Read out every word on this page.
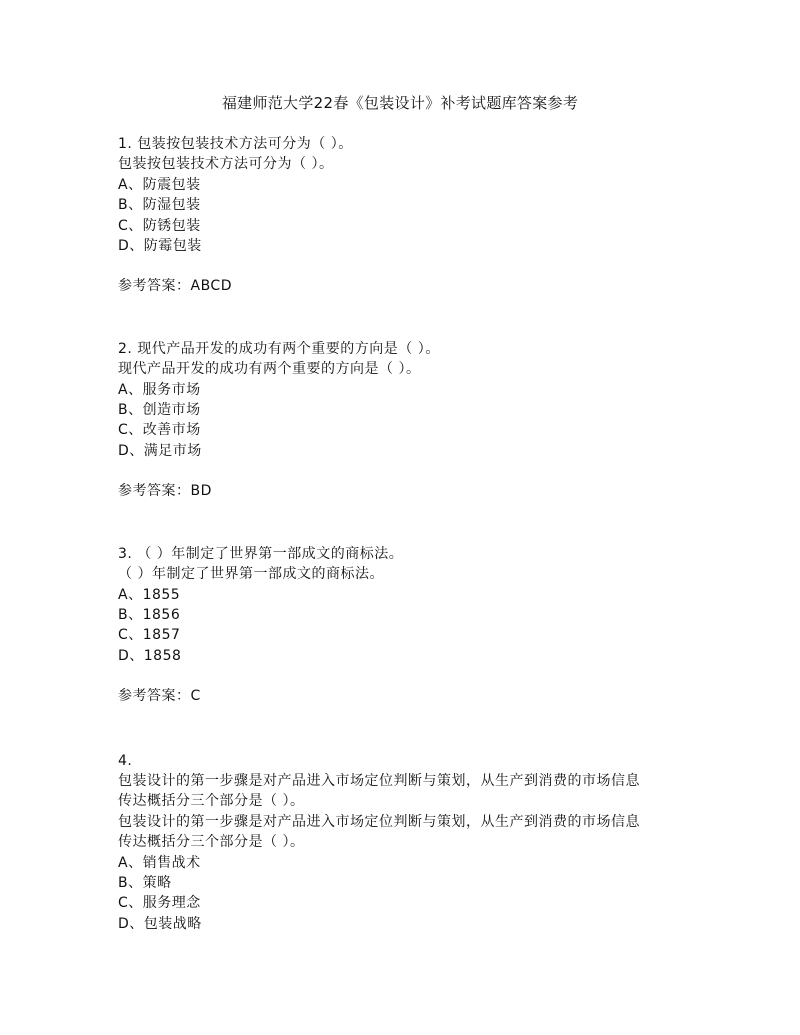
福建师范大学22春《包装设计》补考试题库答案参考
1. 包装按包装技术方法可分为（ ）。
包装按包装技术方法可分为（ ）。
A、防震包装
B、防湿包装
C、防锈包装
D、防霉包装
参考答案：ABCD
2. 现代产品开发的成功有两个重要的方向是（ ）。
现代产品开发的成功有两个重要的方向是（ ）。
A、服务市场
B、创造市场
C、改善市场
D、满足市场
参考答案：BD
3. （ ）年制定了世界第一部成文的商标法。
（ ）年制定了世界第一部成文的商标法。
A、1855
B、1856
C、1857
D、1858
参考答案：C
4.
包装设计的第一步骤是对产品进入市场定位判断与策划，从生产到消费的市场信息
传达概括分三个部分是（ ）。
包装设计的第一步骤是对产品进入市场定位判断与策划，从生产到消费的市场信息
传达概括分三个部分是（ ）。
A、销售战术
B、策略
C、服务理念
D、包装战略
